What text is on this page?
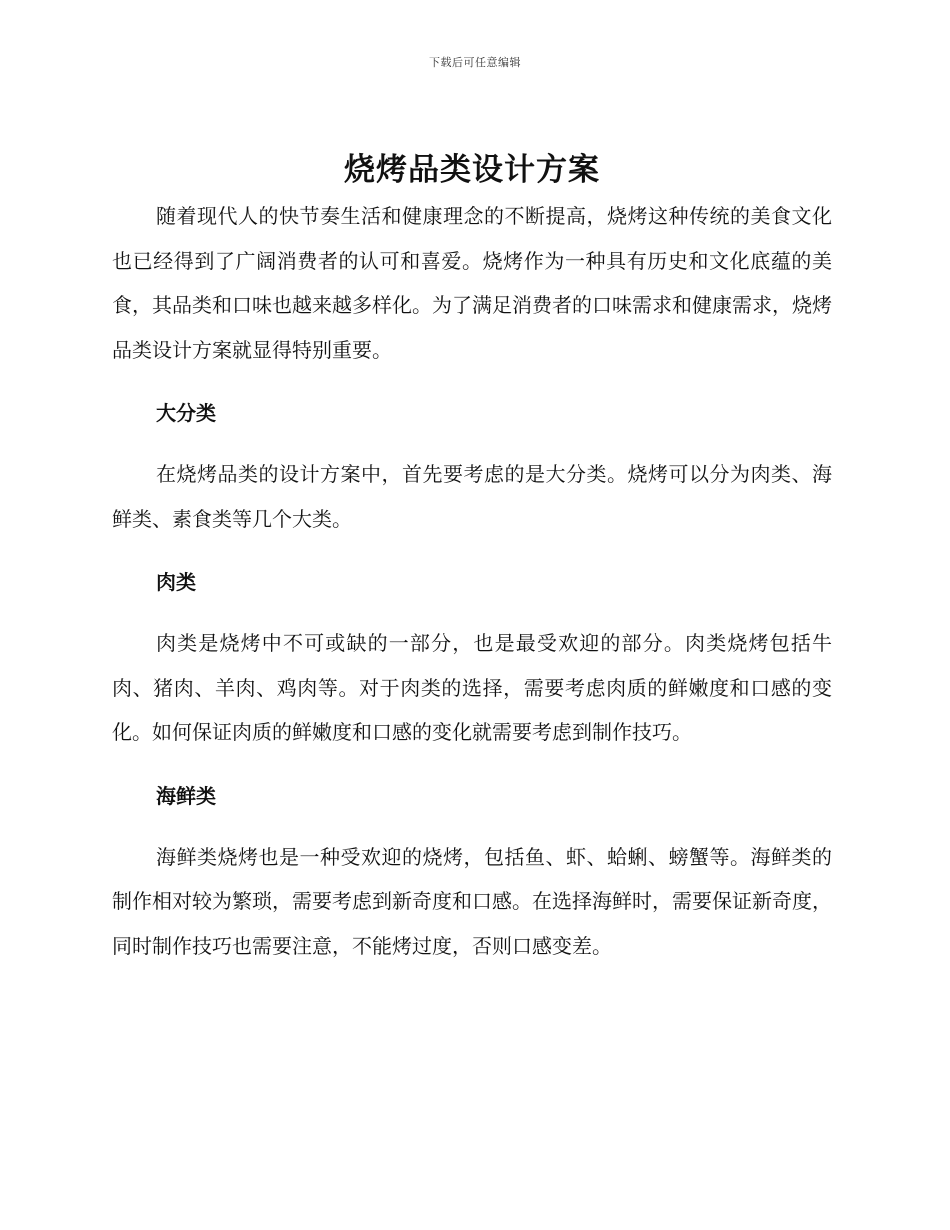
下载后可任意编辑
烧烤品类设计方案

随着现代人的快节奏生活和健康理念的不断提高，烧烤这种传统的美食文化也已经得到了广阔消费者的认可和喜爱。烧烤作为一种具有历史和文化底蕴的美食，其品类和口味也越来越多样化。为了满足消费者的口味需求和健康需求，烧烤品类设计方案就显得特别重要。

大分类

在烧烤品类的设计方案中，首先要考虑的是大分类。烧烤可以分为肉类、海鲜类、素食类等几个大类。

肉类

肉类是烧烤中不可或缺的一部分，也是最受欢迎的部分。肉类烧烤包括牛肉、猪肉、羊肉、鸡肉等。对于肉类的选择，需要考虑肉质的鲜嫩度和口感的变化。如何保证肉质的鲜嫩度和口感的变化就需要考虑到制作技巧。

海鲜类

海鲜类烧烤也是一种受欢迎的烧烤，包括鱼、虾、蛤蜊、螃蟹等。海鲜类的制作相对较为繁琐，需要考虑到新奇度和口感。在选择海鲜时，需要保证新奇度，同时制作技巧也需要注意，不能烤过度，否则口感变差。
